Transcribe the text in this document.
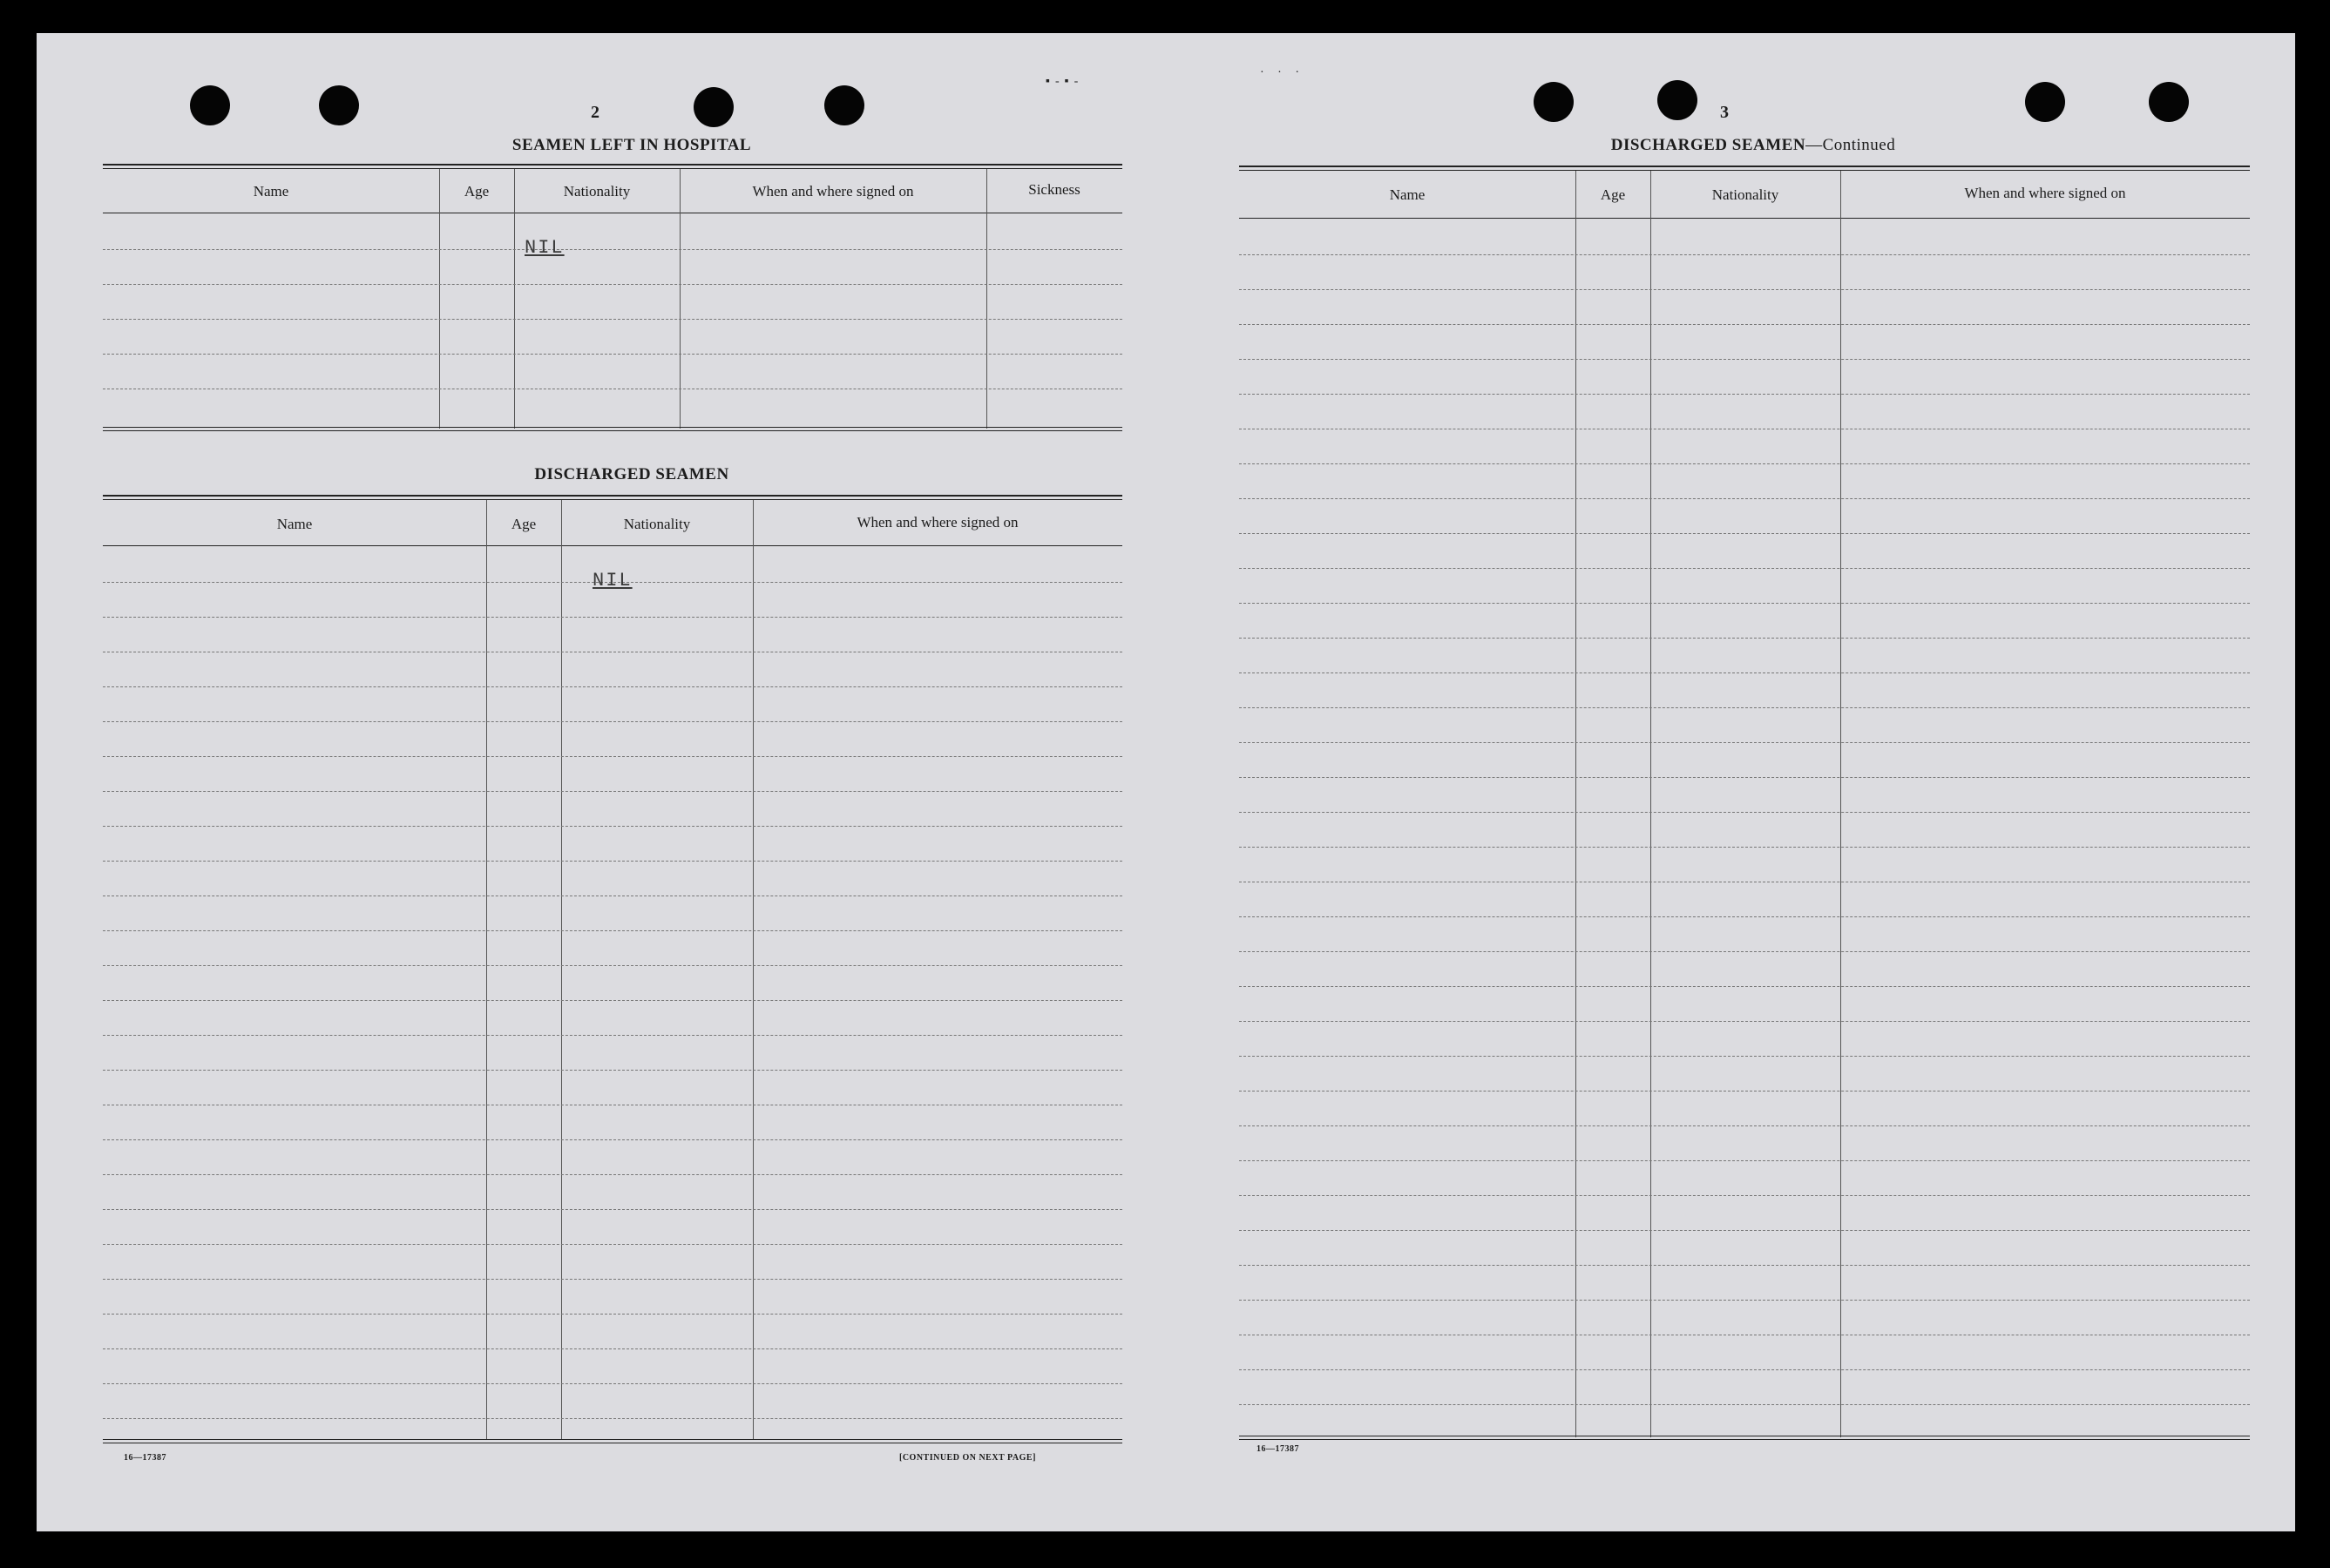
▪-▪-
· · ·
2
SEAMEN LEFT IN HOSPITAL
Name	Age	Nationality	When and where signed on	Sickness
NIL
DISCHARGED SEAMEN
Name	Age	Nationality	When and where signed on
NIL
16—17387	[CONTINUED ON NEXT PAGE]
3
DISCHARGED SEAMEN—Continued
Name	Age	Nationality	When and where signed on
16—17387
